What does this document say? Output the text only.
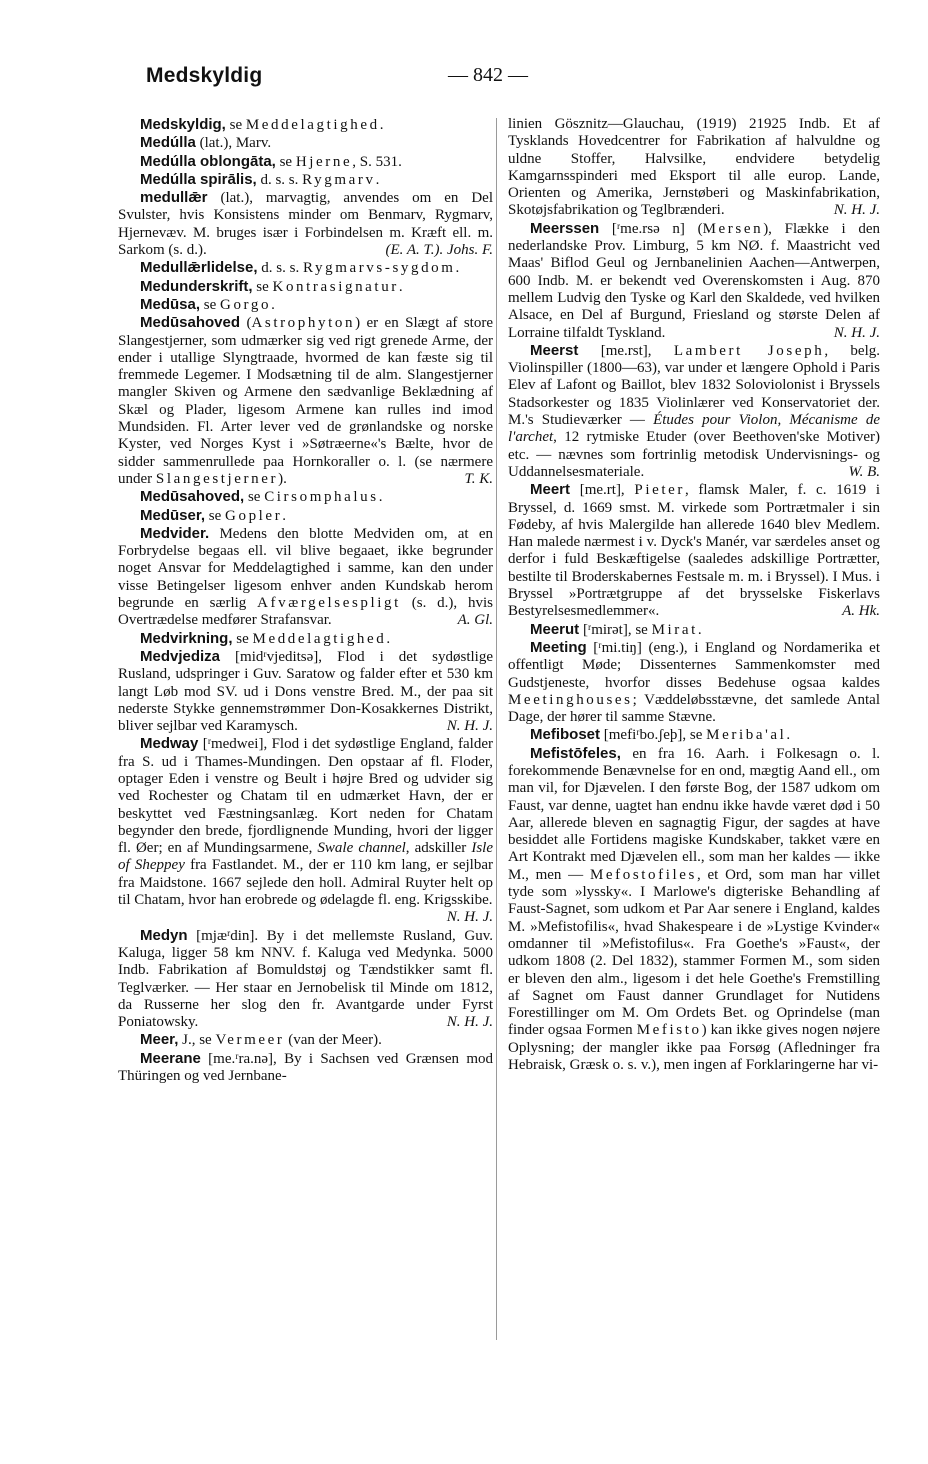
Medskyldig	— 842 —

Medskyldig, se Meddelagtighed.

Medúlla (lat.), Marv.

Medúlla oblongāta, se Hjerne, S. 531.

Medúlla spirālis, d. s. s. Rygmarv.

medullǣr (lat.), marvagtig, anvendes om en Del Svulster, hvis Konsistens minder om Benmarv, Rygmarv, Hjernevæv. M. bruges især i Forbindelsen m. Kræft ell. m. Sarkom (s. d.).	(E. A. T.). Johs. F.

Medullǣrlidelse, d. s. s. Rygmarvs-sygdom.

Medunderskrift, se Kontrasignatur.

Medūsa, se Gorgo.

Medūsahoved (Astrophyton) er en Slægt af store Slangestjerner, som udmærker sig ved rigt grenede Arme, der ender i utallige Slyngtraade, hvormed de kan fæste sig til fremmede Legemer. I Modsætning til de alm. Slangestjerner mangler Skiven og Armene den sædvanlige Beklædning af Skæl og Plader, ligesom Armene kan rulles ind imod Mundsiden. Fl. Arter lever ved de grønlandske og norske Kyster, ved Norges Kyst i »Søtræerne«'s Bælte, hvor de sidder sammenrullede paa Hornkoraller o. l. (se nærmere under Slangestjerner).	T. K.

Medūsahoved, se Cirsomphalus.

Medūser, se Gopler.

Medvider. Medens den blotte Medviden om, at en Forbrydelse begaas ell. vil blive begaaet, ikke begrunder noget Ansvar for Meddelagtighed i samme, kan den under visse Betingelser ligesom enhver anden Kundskab herom begrunde en særlig Afværgelsespligt (s. d.), hvis Overtrædelse medfører Strafansvar.	A. Gl.

Medvirkning, se Meddelagtighed.

Medvjediza [midʳvjeditsə], Flod i det sydøstlige Rusland, udspringer i Guv. Saratow og falder efter et 530 km langt Løb mod SV. ud i Dons venstre Bred. M., der paa sit nederste Stykke gennemstrømmer Don-Kosakkernes Distrikt, bliver sejlbar ved Karamysch.	N. H. J.

Medway [ʳmedwei], Flod i det sydøstlige England, falder fra S. ud i Thames-Mundingen. Den opstaar af fl. Floder, optager Eden i venstre og Beult i højre Bred og udvider sig ved Rochester og Chatam til en udmærket Havn, der er beskyttet ved Fæstningsanlæg. Kort neden for Chatam begynder den brede, fjordlignende Munding, hvori der ligger fl. Øer; en af Mundingsarmene, Swale channel, adskiller Isle of Sheppey fra Fastlandet. M., der er 110 km lang, er sejlbar fra Maidstone. 1667 sejlede den holl. Admiral Ruyter helt op til Chatam, hvor han erobrede og ødelagde fl. eng. Krigsskibe.
N. H. J.

Medyn [mjæʳdin]. By i det mellemste Rusland, Guv. Kaluga, ligger 58 km NNV. f. Kaluga ved Medynka. 5000 Indb. Fabrikation af Bomuldstøj og Tændstikker samt fl. Teglværker. — Her staar en Jernobelisk til Minde om 1812, da Russerne her slog den fr. Avantgarde under Fyrst Poniatowsky.	N. H. J.

Meer, J., se Vermeer (van der Meer).

Meerane [me.ʳra.nə], By i Sachsen ved Grænsen mod Thüringen og ved Jernbane-

linien Gösznitz—Glauchau, (1919) 21925 Indb. Et af Tysklands Hovedcentrer for Fabrikation af halvuldne og uldne Stoffer, Halvsilke, endvidere betydelig Kamgarnsspinderi med Eksport til alle europ. Lande, Orienten og Amerika, Jernstøberi og Maskinfabrikation, Skotøjsfabrikation og Teglbrænderi.	N. H. J.

Meerssen [ʳme.rsə n] (Mersen), Flække i den nederlandske Prov. Limburg, 5 km NØ. f. Maastricht ved Maas' Biflod Geul og Jernbanelinien Aachen—Antwerpen, 600 Indb. M. er bekendt ved Overenskomsten i Aug. 870 mellem Ludvig den Tyske og Karl den Skaldede, ved hvilken Alsace, en Del af Burgund, Friesland og største Delen af Lorraine tilfaldt Tyskland.	N. H. J.

Meerst [me.rst], Lambert Joseph, belg. Violinspiller (1800—63), var under et længere Ophold i Paris Elev af Lafont og Baillot, blev 1832 Soloviolonist i Bryssels Stadsorkester og 1835 Violinlærer ved Konservatoriet der. M.'s Studieværker — Études pour Violon, Mécanisme de l'archet, 12 rytmiske Etuder (over Beethoven'ske Motiver) etc. — nævnes som fortrinlig metodisk Undervisnings- og Uddannelsesmateriale.	W. B.

Meert [me.rt], Pieter, flamsk Maler, f. c. 1619 i Bryssel, d. 1669 smst. M. virkede som Portrætmaler i sin Fødeby, af hvis Malergilde han allerede 1640 blev Medlem. Han malede nærmest i v. Dyck's Manér, var særdeles anset og derfor i fuld Beskæftigelse (saaledes adskillige Portrætter, bestilte til Broderskabernes Festsale m. m. i Bryssel). I Mus. i Bryssel »Portrætgruppe af det brysselske Fiskerlavs Bestyrelsesmedlemmer«.	A. Hk.

Meerut [ʳmirət], se Mirat.

Meeting [ʳmi.tiŋ] (eng.), i England og Nordamerika et offentligt Møde; Dissenternes Sammenkomster med Gudstjeneste, hvorfor disses Bedehuse ogsaa kaldes Meetinghouses; Væddeløbsstævne, det samlede Antal Dage, der hører til samme Stævne.

Mefiboset [mefiʳbo.ʃeþ], se Meriba'al.

Mefistōfeles, en fra 16. Aarh. i Folkesagn o. l. forekommende Benævnelse for en ond, mægtig Aand ell., om man vil, for Djævelen. I den første Bog, der 1587 udkom om Faust, var denne, uagtet han endnu ikke havde været død i 50 Aar, allerede bleven en sagnagtig Figur, der sagdes at have besiddet alle Fortidens magiske Kundskaber, takket være en Art Kontrakt med Djævelen ell., som man her kaldes — ikke M., men — Mefostofiles, et Ord, som man har villet tyde som »lyssky«. I Marlowe's digteriske Behandling af Faust-Sagnet, som udkom et Par Aar senere i England, kaldes M. »Mefistofilis«, hvad Shakespeare i de »Lystige Kvinder« omdanner til »Mefistofilus«. Fra Goethe's »Faust«, der udkom 1808 (2. Del 1832), stammer Formen M., som siden er bleven den alm., ligesom i det hele Goethe's Fremstilling af Sagnet om Faust danner Grundlaget for Nutidens Forestillinger om M. Om Ordets Bet. og Oprindelse (man finder ogsaa Formen Mefisto) kan ikke gives nogen nøjere Oplysning; der mangler ikke paa Forsøg (Afledninger fra Hebraisk, Græsk o. s. v.), men ingen af Forklaringerne har vi-
